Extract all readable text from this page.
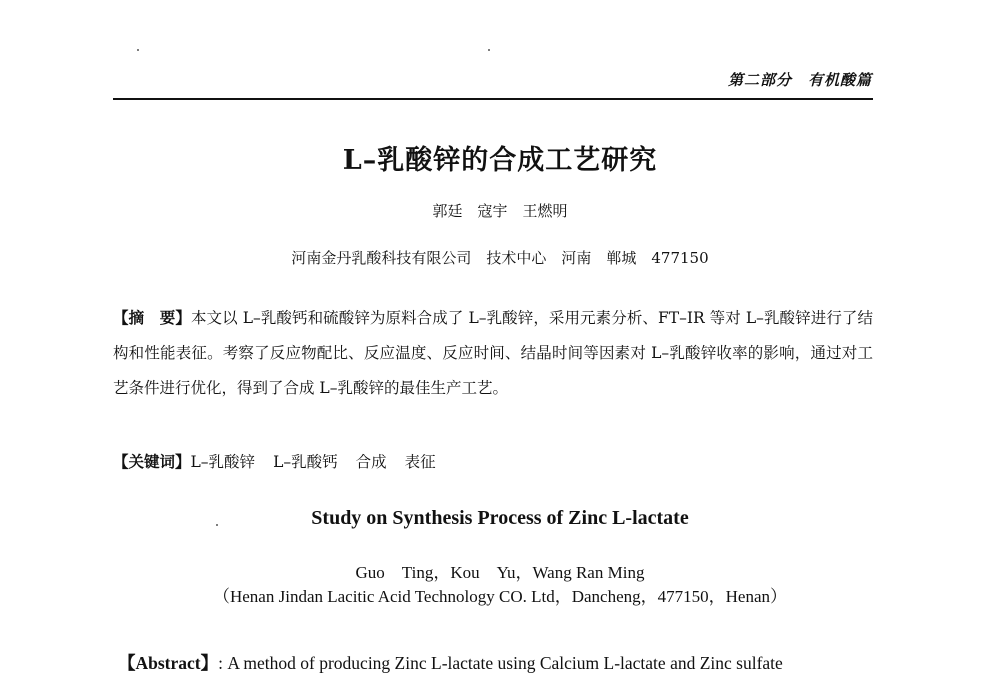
第二部分　有机酸篇
L–乳酸锌的合成工艺研究
郭廷　寇宇　王燃明
河南金丹乳酸科技有限公司　技术中心　河南　郸城　477150
【摘　要】本文以 L–乳酸钙和硫酸锌为原料合成了 L–乳酸锌，采用元素分析、FT–IR 等对 L–乳酸锌进行了结构和性能表征。考察了反应物配比、反应温度、反应时间、结晶时间等因素对 L–乳酸锌收率的影响，通过对工艺条件进行优化，得到了合成 L–乳酸锌的最佳生产工艺。
【关键词】L–乳酸锌 L–乳酸钙 合成 表征
Study on Synthesis Process of Zinc L-lactate
Guo　Ting，Kou　Yu，Wang Ran Ming
（Henan Jindan Lacitic Acid Technology CO. Ltd，Dancheng，477150，Henan）
【Abstract】: A method of producing Zinc L-lactate using Calcium L-lactate and Zinc sulfate
